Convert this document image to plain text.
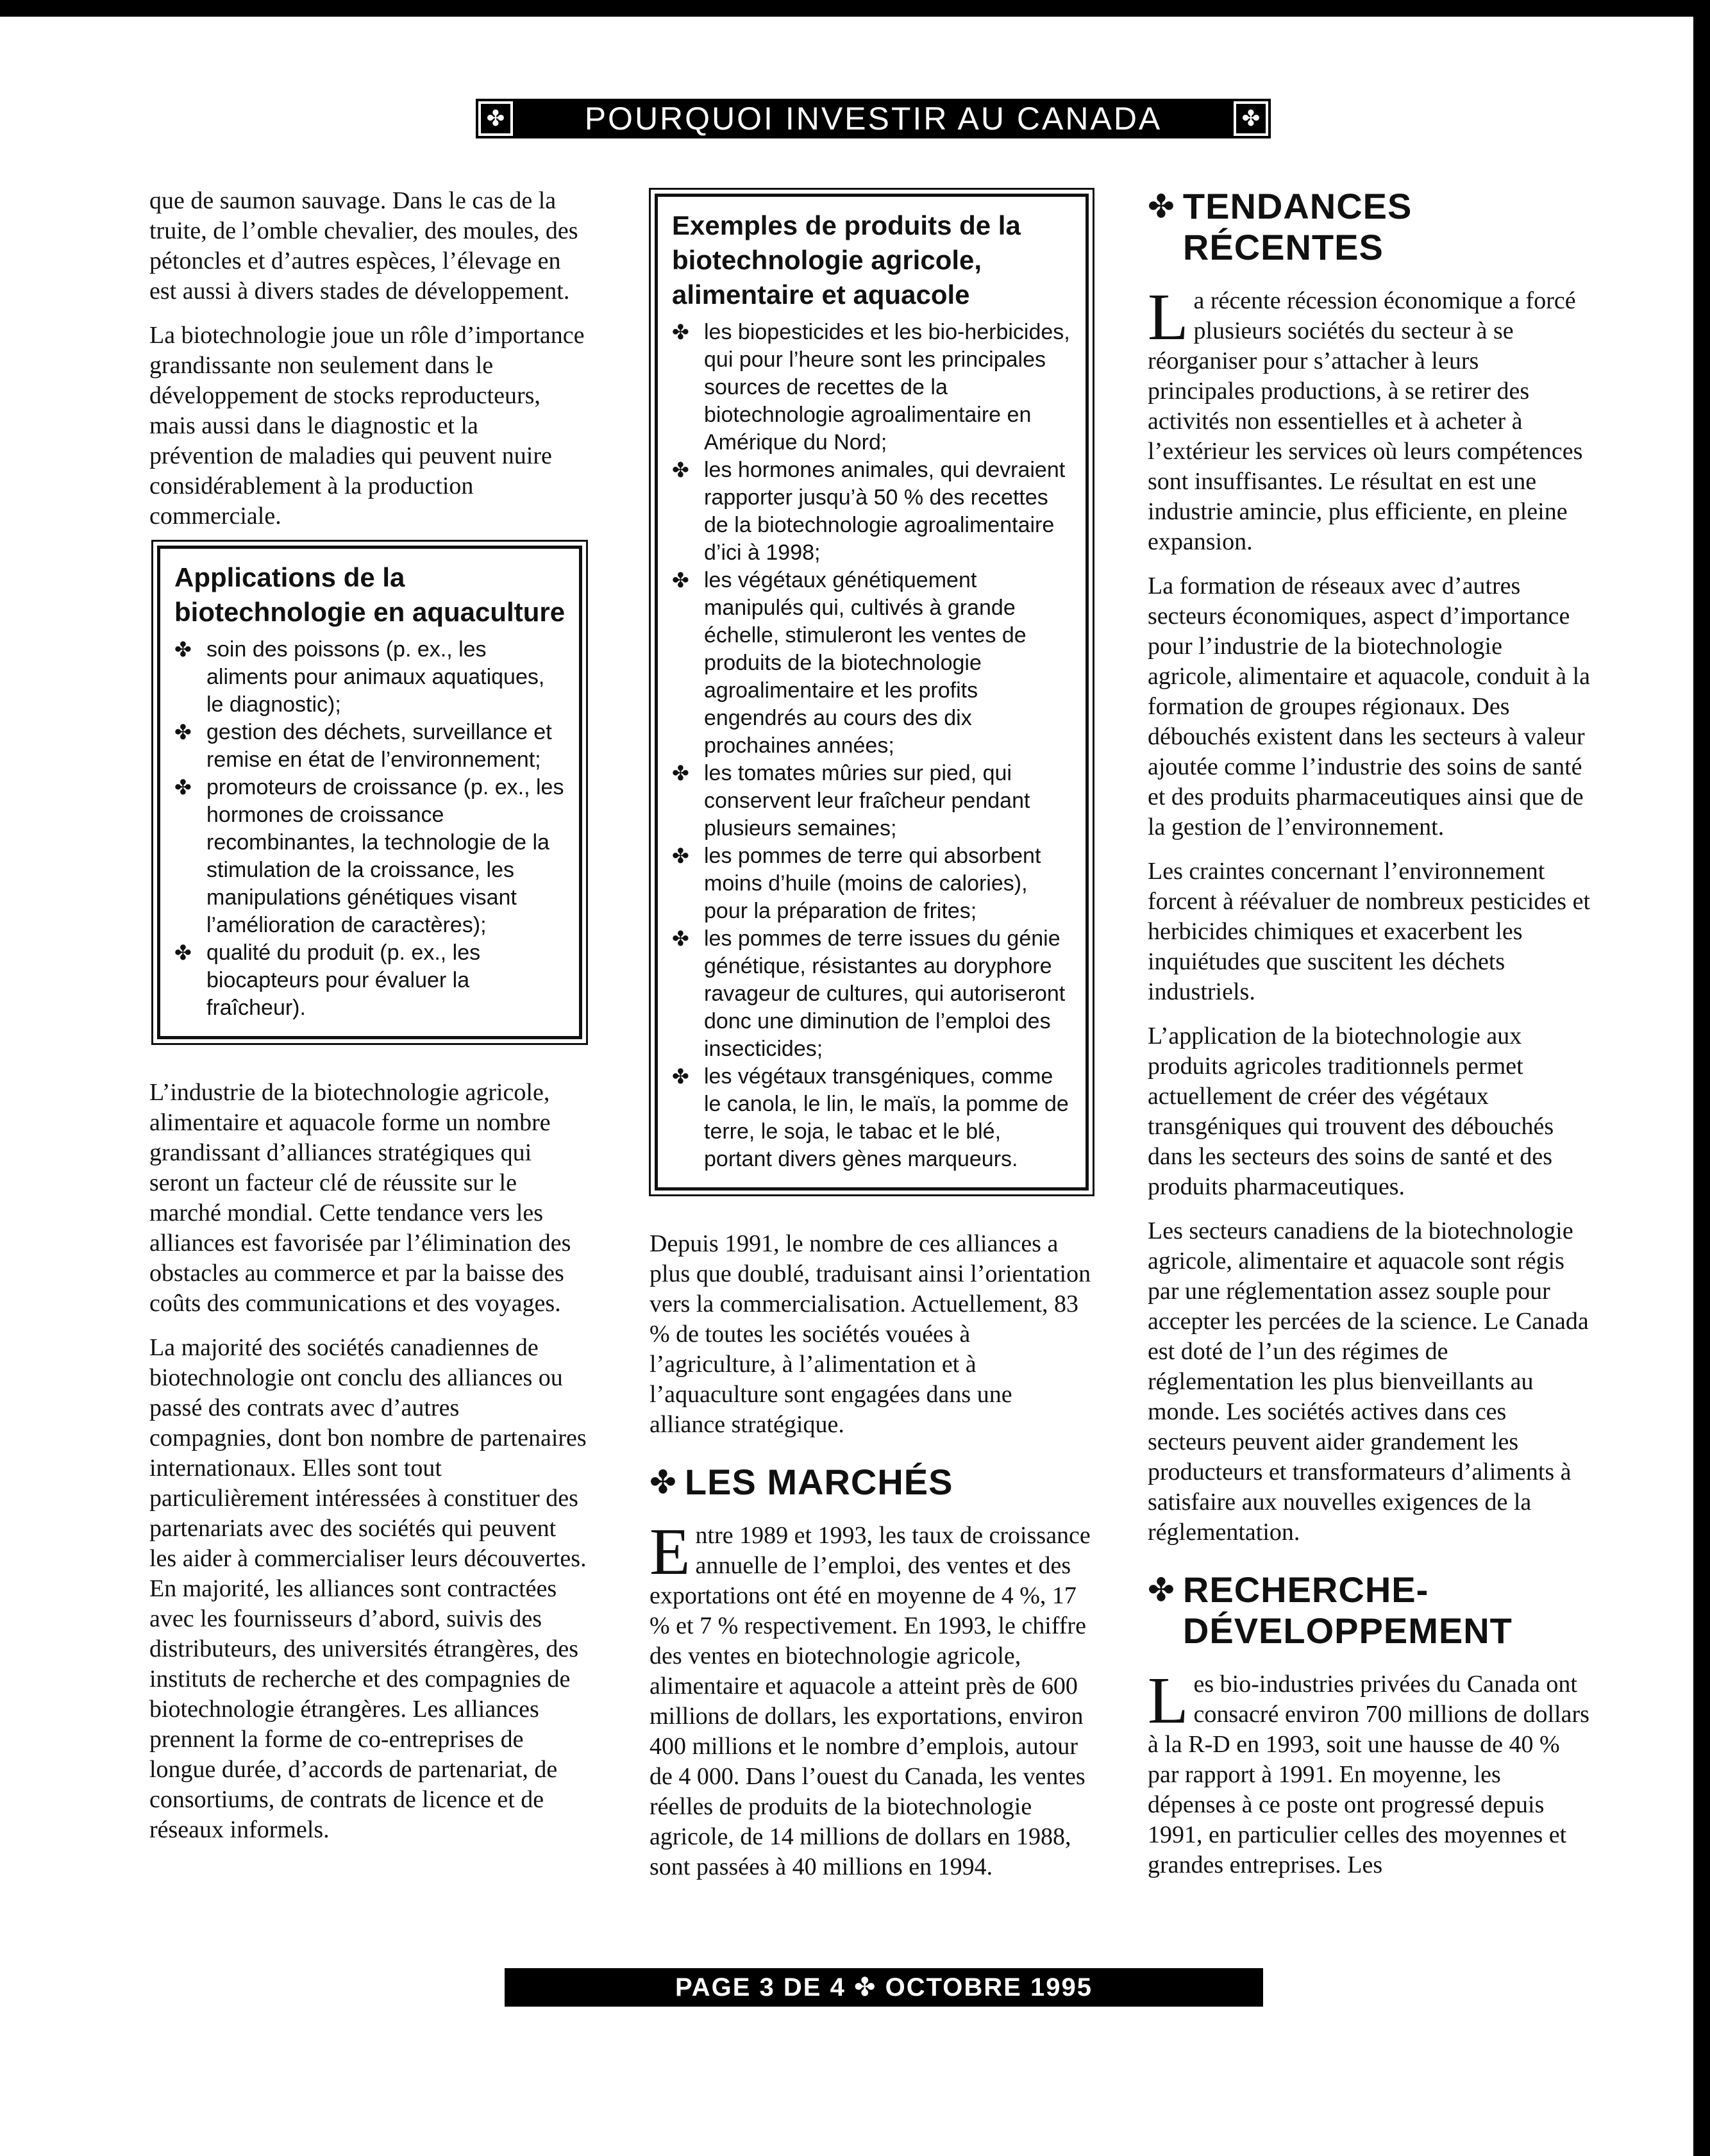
✤ POURQUOI INVESTIR AU CANADA	✤

que de saumon sauvage. Dans le cas de la truite, de l’omble chevalier, des moules, des pétoncles et d’autres espèces, l’élevage en est aussi à divers stades de développement.

La biotechnologie joue un rôle d’importance grandissante non seulement dans le développement de stocks reproducteurs, mais aussi dans le diagnostic et la prévention de maladies qui peuvent nuire considérablement à la production commerciale.

Applications de la biotechnologie en aquaculture
✤ soin des poissons (p. ex., les aliments pour animaux aquatiques, le diagnostic);
✤ gestion des déchets, surveillance et remise en état de l’environnement;
✤ promoteurs de croissance (p. ex., les hormones de croissance recombinantes, la technologie de la stimulation de la croissance, les manipulations génétiques visant l’amélioration de caractères);
✤ qualité du produit (p. ex., les biocapteurs pour évaluer la fraîcheur).

L’industrie de la biotechnologie agricole, alimentaire et aquacole forme un nombre grandissant d’alliances stratégiques qui seront un facteur clé de réussite sur le marché mondial. Cette tendance vers les alliances est favorisée par l’élimination des obstacles au commerce et par la baisse des coûts des communications et des voyages.

La majorité des sociétés canadiennes de biotechnologie ont conclu des alliances ou passé des contrats avec d’autres compagnies, dont bon nombre de partenaires internationaux. Elles sont tout particulièrement intéressées à constituer des partenariats avec des sociétés qui peuvent les aider à commercialiser leurs découvertes. En majorité, les alliances sont contractées avec les fournisseurs d’abord, suivis des distributeurs, des universités étrangères, des instituts de recherche et des compagnies de biotechnologie étrangères. Les alliances prennent la forme de co-entreprises de longue durée, d’accords de partenariat, de consortiums, de contrats de licence et de réseaux informels.

Exemples de produits de la biotechnologie agricole, alimentaire et aquacole
✤ les biopesticides et les bio-herbicides, qui pour l’heure sont les principales sources de recettes de la biotechnologie agroalimentaire en Amérique du Nord;
✤ les hormones animales, qui devraient rapporter jusqu’à 50 % des recettes de la biotechnologie agroalimentaire d’ici à 1998;
✤ les végétaux génétiquement manipulés qui, cultivés à grande échelle, stimuleront les ventes de produits de la biotechnologie agroalimentaire et les profits engendrés au cours des dix prochaines années;
✤ les tomates mûries sur pied, qui conservent leur fraîcheur pendant plusieurs semaines;
✤ les pommes de terre qui absorbent moins d’huile (moins de calories), pour la préparation de frites;
✤ les pommes de terre issues du génie génétique, résistantes au doryphore ravageur de cultures, qui autoriseront donc une diminution de l’emploi des insecticides;
✤ les végétaux transgéniques, comme le canola, le lin, le maïs, la pomme de terre, le soja, le tabac et le blé, portant divers gènes marqueurs.

Depuis 1991, le nombre de ces alliances a plus que doublé, traduisant ainsi l’orientation vers la commercialisation. Actuellement, 83 % de toutes les sociétés vouées à l’agriculture, à l’alimentation et à l’aquaculture sont engagées dans une alliance stratégique.

✤ LES MARCHÉS

Entre 1989 et 1993, les taux de croissance annuelle de l’emploi, des ventes et des exportations ont été en moyenne de 4 %, 17 % et 7 % respectivement. En 1993, le chiffre des ventes en biotechnologie agricole, alimentaire et aquacole a atteint près de 600 millions de dollars, les exportations, environ 400 millions et le nombre d’emplois, autour de 4 000. Dans l’ouest du Canada, les ventes réelles de produits de la biotechnologie agricole, de 14 millions de dollars en 1988, sont passées à 40 millions en 1994.

✤ TENDANCES RÉCENTES

La récente récession économique a forcé plusieurs sociétés du secteur à se réorganiser pour s’attacher à leurs principales productions, à se retirer des activités non essentielles et à acheter à l’extérieur les services où leurs compétences sont insuffisantes. Le résultat en est une industrie amincie, plus efficiente, en pleine expansion.

La formation de réseaux avec d’autres secteurs économiques, aspect d’importance pour l’industrie de la biotechnologie agricole, alimentaire et aquacole, conduit à la formation de groupes régionaux. Des débouchés existent dans les secteurs à valeur ajoutée comme l’industrie des soins de santé et des produits pharmaceutiques ainsi que de la gestion de l’environnement.

Les craintes concernant l’environnement forcent à réévaluer de nombreux pesticides et herbicides chimiques et exacerbent les inquiétudes que suscitent les déchets industriels.

L’application de la biotechnologie aux produits agricoles traditionnels permet actuellement de créer des végétaux transgéniques qui trouvent des débouchés dans les secteurs des soins de santé et des produits pharmaceutiques.

Les secteurs canadiens de la biotechnologie agricole, alimentaire et aquacole sont régis par une réglementation assez souple pour accepter les percées de la science. Le Canada est doté de l’un des régimes de réglementation les plus bienveillants au monde. Les sociétés actives dans ces secteurs peuvent aider grandement les producteurs et transformateurs d’aliments à satisfaire aux nouvelles exigences de la réglementation.

✤ RECHERCHE-DÉVELOPPEMENT

Les bio-industries privées du Canada ont consacré environ 700 millions de dollars à la R-D en 1993, soit une hausse de 40 % par rapport à 1991. En moyenne, les dépenses à ce poste ont progressé depuis 1991, en particulier celles des moyennes et grandes entreprises. Les

PAGE 3 DE 4 ✤ OCTOBRE 1995
